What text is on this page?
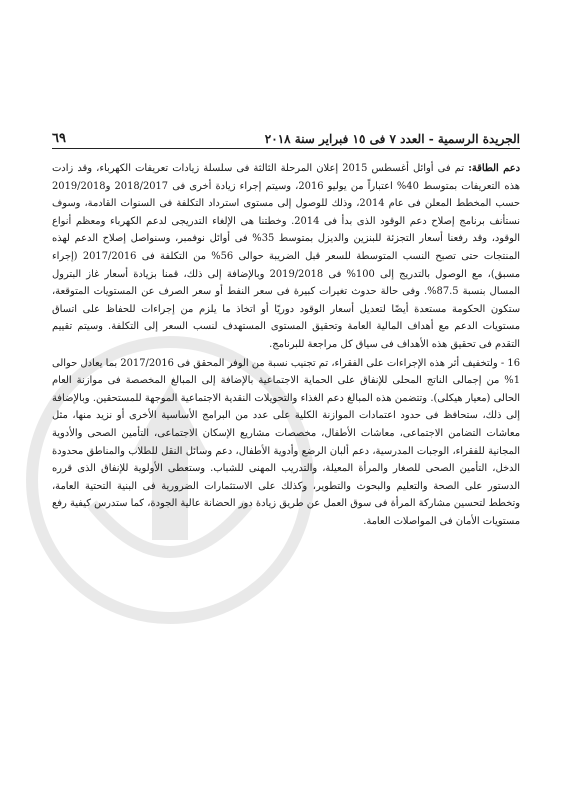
الجريدة الرسمية - العدد ٧ فى ١٥ فبراير سنة ٢٠١٨
٦٩

دعم الطاقة: تم فى أوائل أغسطس 2015 إعلان المرحلة الثالثة فى سلسلة زيادات تعريفات الكهرباء، وقد زادت هذه التعريفات بمتوسط 40% اعتباراً من يوليو 2016، وسيتم إجراء زيادة أخرى فى 2018/2017 و2019/2018 حسب المخطط المعلن فى عام 2014، وذلك للوصول إلى مستوى استرداد التكلفة فى السنوات القادمة، وسوف نستأنف برنامج إصلاح دعم الوقود الذى بدأ فى 2014. وخطتنا هى الإلغاء التدريجى لدعم الكهرباء ومعظم أنواع الوقود، وقد رفعنا أسعار التجزئة للبنزين والديزل بمتوسط 35% فى أوائل نوفمبر، وسنواصل إصلاح الدعم لهذه المنتجات حتى تصبح النسب المتوسطة للسعر قبل الضريبة حوالى 56% من التكلفة فى 2017/2016 (إجراء مسبق)، مع الوصول بالتدريج إلى 100% فى 2019/2018 وبالإضافة إلى ذلك، قمنا بزيادة أسعار غاز البترول المسال بنسبة 87.5%. وفى حالة حدوث تغيرات كبيرة فى سعر النفط أو سعر الصرف عن المستويات المتوقعة، ستكون الحكومة مستعدة أيضًا لتعديل أسعار الوقود دوريًا أو اتخاذ ما يلزم من إجراءات للحفاظ على اتساق مستويات الدعم مع أهداف المالية العامة وتحقيق المستوى المستهدف لنسب السعر إلى التكلفة. وسيتم تقييم التقدم فى تحقيق هذه الأهداف فى سياق كل مراجعة للبرنامج.

16 - ولتخفيف أثر هذه الإجراءات على الفقراء، تم تجنيب نسبة من الوفر المحقق فى 2017/2016 بما يعادل حوالى 1% من إجمالى الناتج المحلى للإنفاق على الحماية الاجتماعية بالإضافة إلى المبالغ المخصصة فى موازنة العام الحالى (معيار هيكلى). وتتضمن هذه المبالغ دعم الغذاء والتحويلات النقدية الاجتماعية الموجهة للمستحقين. وبالإضافة إلى ذلك، ستحافظ فى حدود اعتمادات الموازنة الكلية على عدد من البرامج الأساسية الأخرى أو نزيد منها، مثل معاشات التضامن الاجتماعى، معاشات الأطفال، مخصصات مشاريع الإسكان الاجتماعى، التأمين الصحى والأدوية المجانية للفقراء، الوجبات المدرسية، دعم ألبان الرضع وأدوية الأطفال، دعم وسائل النقل للطلاب والمناطق محدودة الدخل، التأمين الصحى للصغار والمرأة المعيلة، والتدريب المهنى للشباب. وستعطى الأولوية للإنفاق الذى قرره الدستور على الصحة والتعليم والبحوث والتطوير، وكذلك على الاستثمارات الضرورية فى البنية التحتية العامة، وتخطط لتحسين مشاركة المرأة فى سوق العمل عن طريق زيادة دور الحضانة عالية الجودة، كما ستدرس كيفية رفع مستويات الأمان فى المواصلات العامة.
